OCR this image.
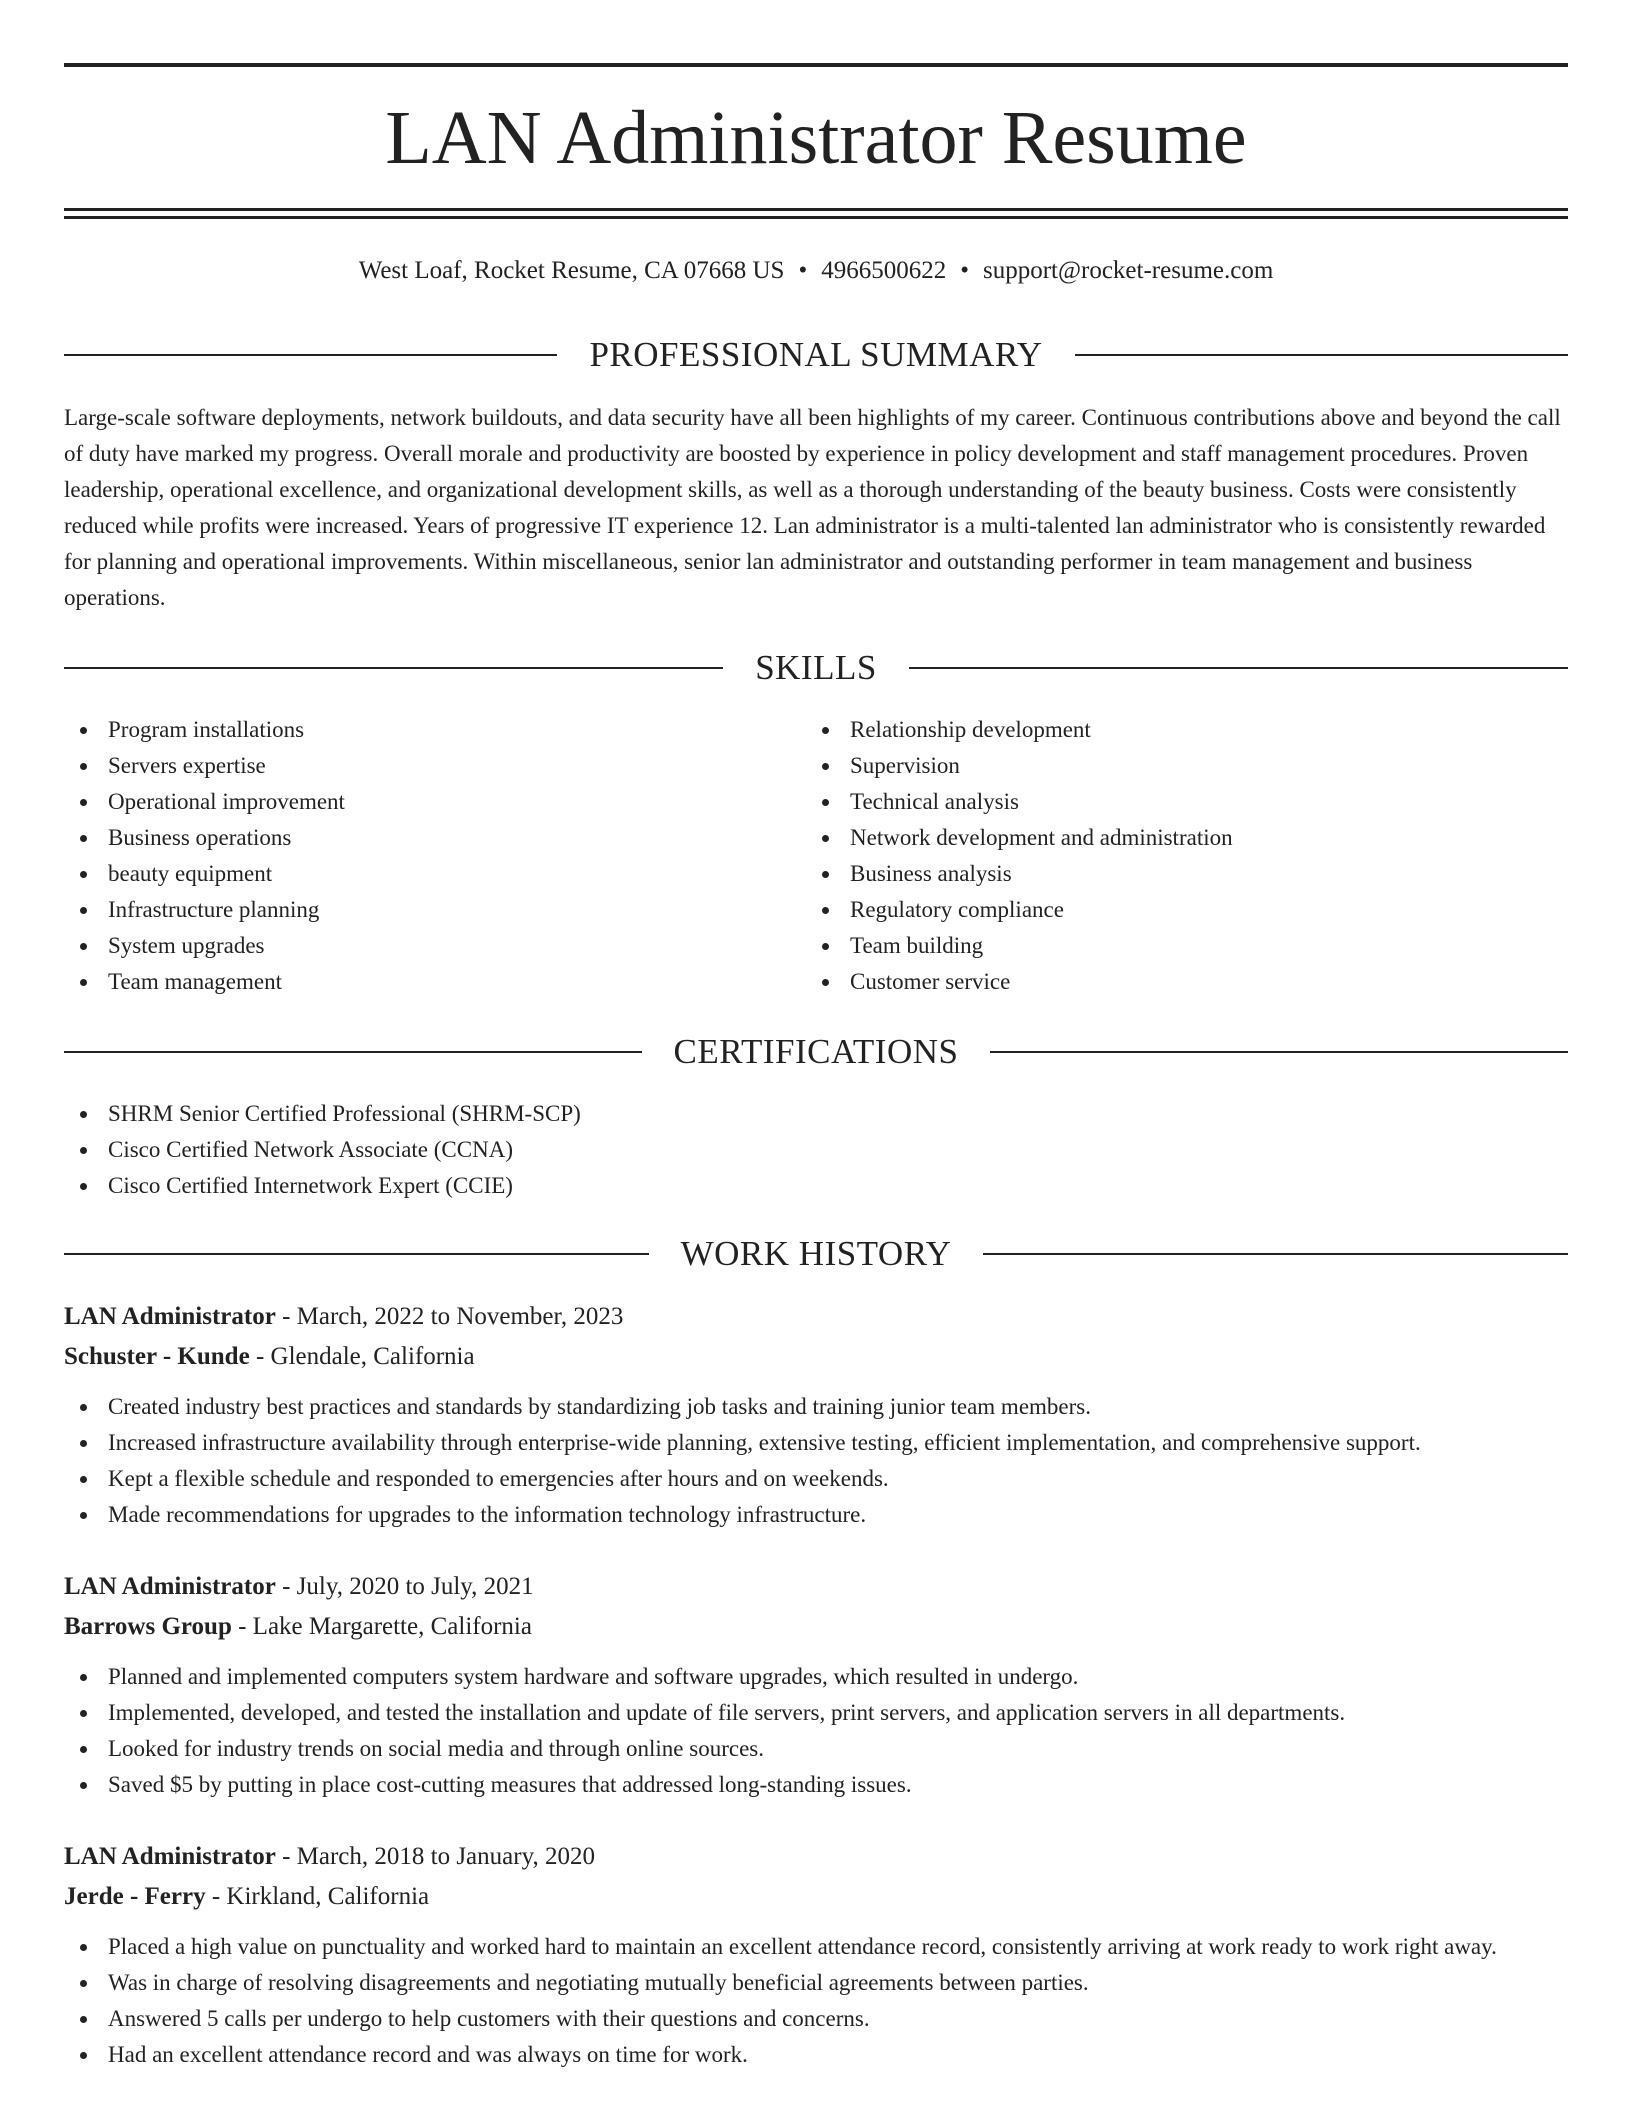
LAN Administrator Resume
West Loaf, Rocket Resume, CA 07668 US • 4966500622 • support@rocket-resume.com
PROFESSIONAL SUMMARY

Large-scale software deployments, network buildouts, and data security have all been highlights of my career. Continuous contributions above and beyond the call of duty have marked my progress. Overall morale and productivity are boosted by experience in policy development and staff management procedures. Proven leadership, operational excellence, and organizational development skills, as well as a thorough understanding of the beauty business. Costs were consistently reduced while profits were increased. Years of progressive IT experience 12. Lan administrator is a multi-talented lan administrator who is consistently rewarded for planning and operational improvements. Within miscellaneous, senior lan administrator and outstanding performer in team management and business operations.

SKILLS
Program installations
Servers expertise
Operational improvement
Business operations
beauty equipment
Infrastructure planning
System upgrades
Team management
Relationship development
Supervision
Technical analysis
Network development and administration
Business analysis
Regulatory compliance
Team building
Customer service
CERTIFICATIONS
SHRM Senior Certified Professional (SHRM-SCP)
Cisco Certified Network Associate (CCNA)
Cisco Certified Internetwork Expert (CCIE)
WORK HISTORY
LAN Administrator - March, 2022 to November, 2023
Schuster - Kunde - Glendale, California
Created industry best practices and standards by standardizing job tasks and training junior team members.
Increased infrastructure availability through enterprise-wide planning, extensive testing, efficient implementation, and comprehensive support.
Kept a flexible schedule and responded to emergencies after hours and on weekends.
Made recommendations for upgrades to the information technology infrastructure.
LAN Administrator - July, 2020 to July, 2021
Barrows Group - Lake Margarette, California
Planned and implemented computers system hardware and software upgrades, which resulted in undergo.
Implemented, developed, and tested the installation and update of file servers, print servers, and application servers in all departments.
Looked for industry trends on social media and through online sources.
Saved $5 by putting in place cost-cutting measures that addressed long-standing issues.
LAN Administrator - March, 2018 to January, 2020
Jerde - Ferry - Kirkland, California
Placed a high value on punctuality and worked hard to maintain an excellent attendance record, consistently arriving at work ready to work right away.
Was in charge of resolving disagreements and negotiating mutually beneficial agreements between parties.
Answered 5 calls per undergo to help customers with their questions and concerns.
Had an excellent attendance record and was always on time for work.
